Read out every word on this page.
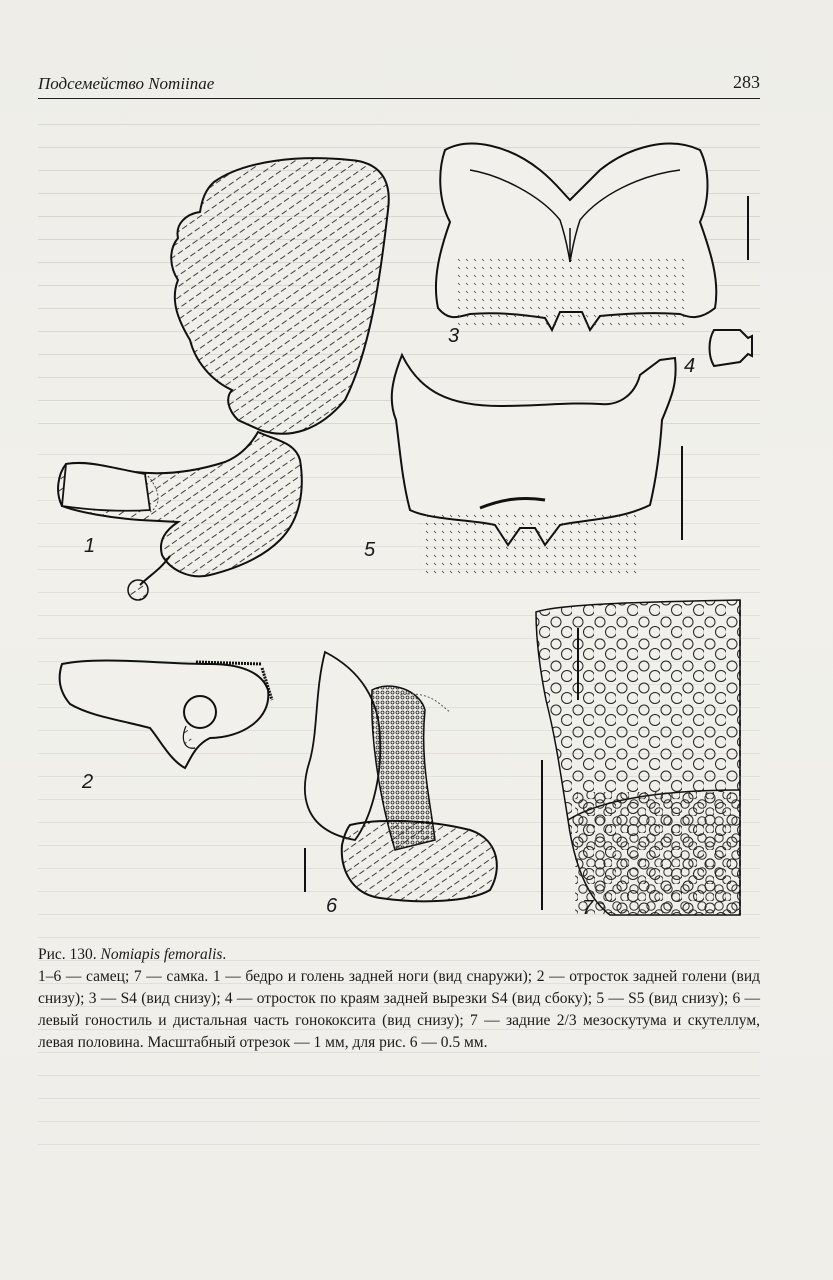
Подсемейство Nomiinae	283
1
2
3
4
5
6	7
Рис. 130. Nomiapis femoralis.
1–6 — самец; 7 — самка. 1 — бедро и голень задней ноги (вид снаружи); 2 — отросток задней голени (вид снизу); 3 — S4 (вид снизу); 4 — отросток по краям задней вырезки S4 (вид сбоку); 5 — S5 (вид снизу); 6 — левый гоностиль и дистальная часть гонококсита (вид снизу); 7 — задние 2/3 мезоскутума и скутеллум, левая половина. Масштабный отрезок — 1 мм, для рис. 6 — 0.5 мм.
